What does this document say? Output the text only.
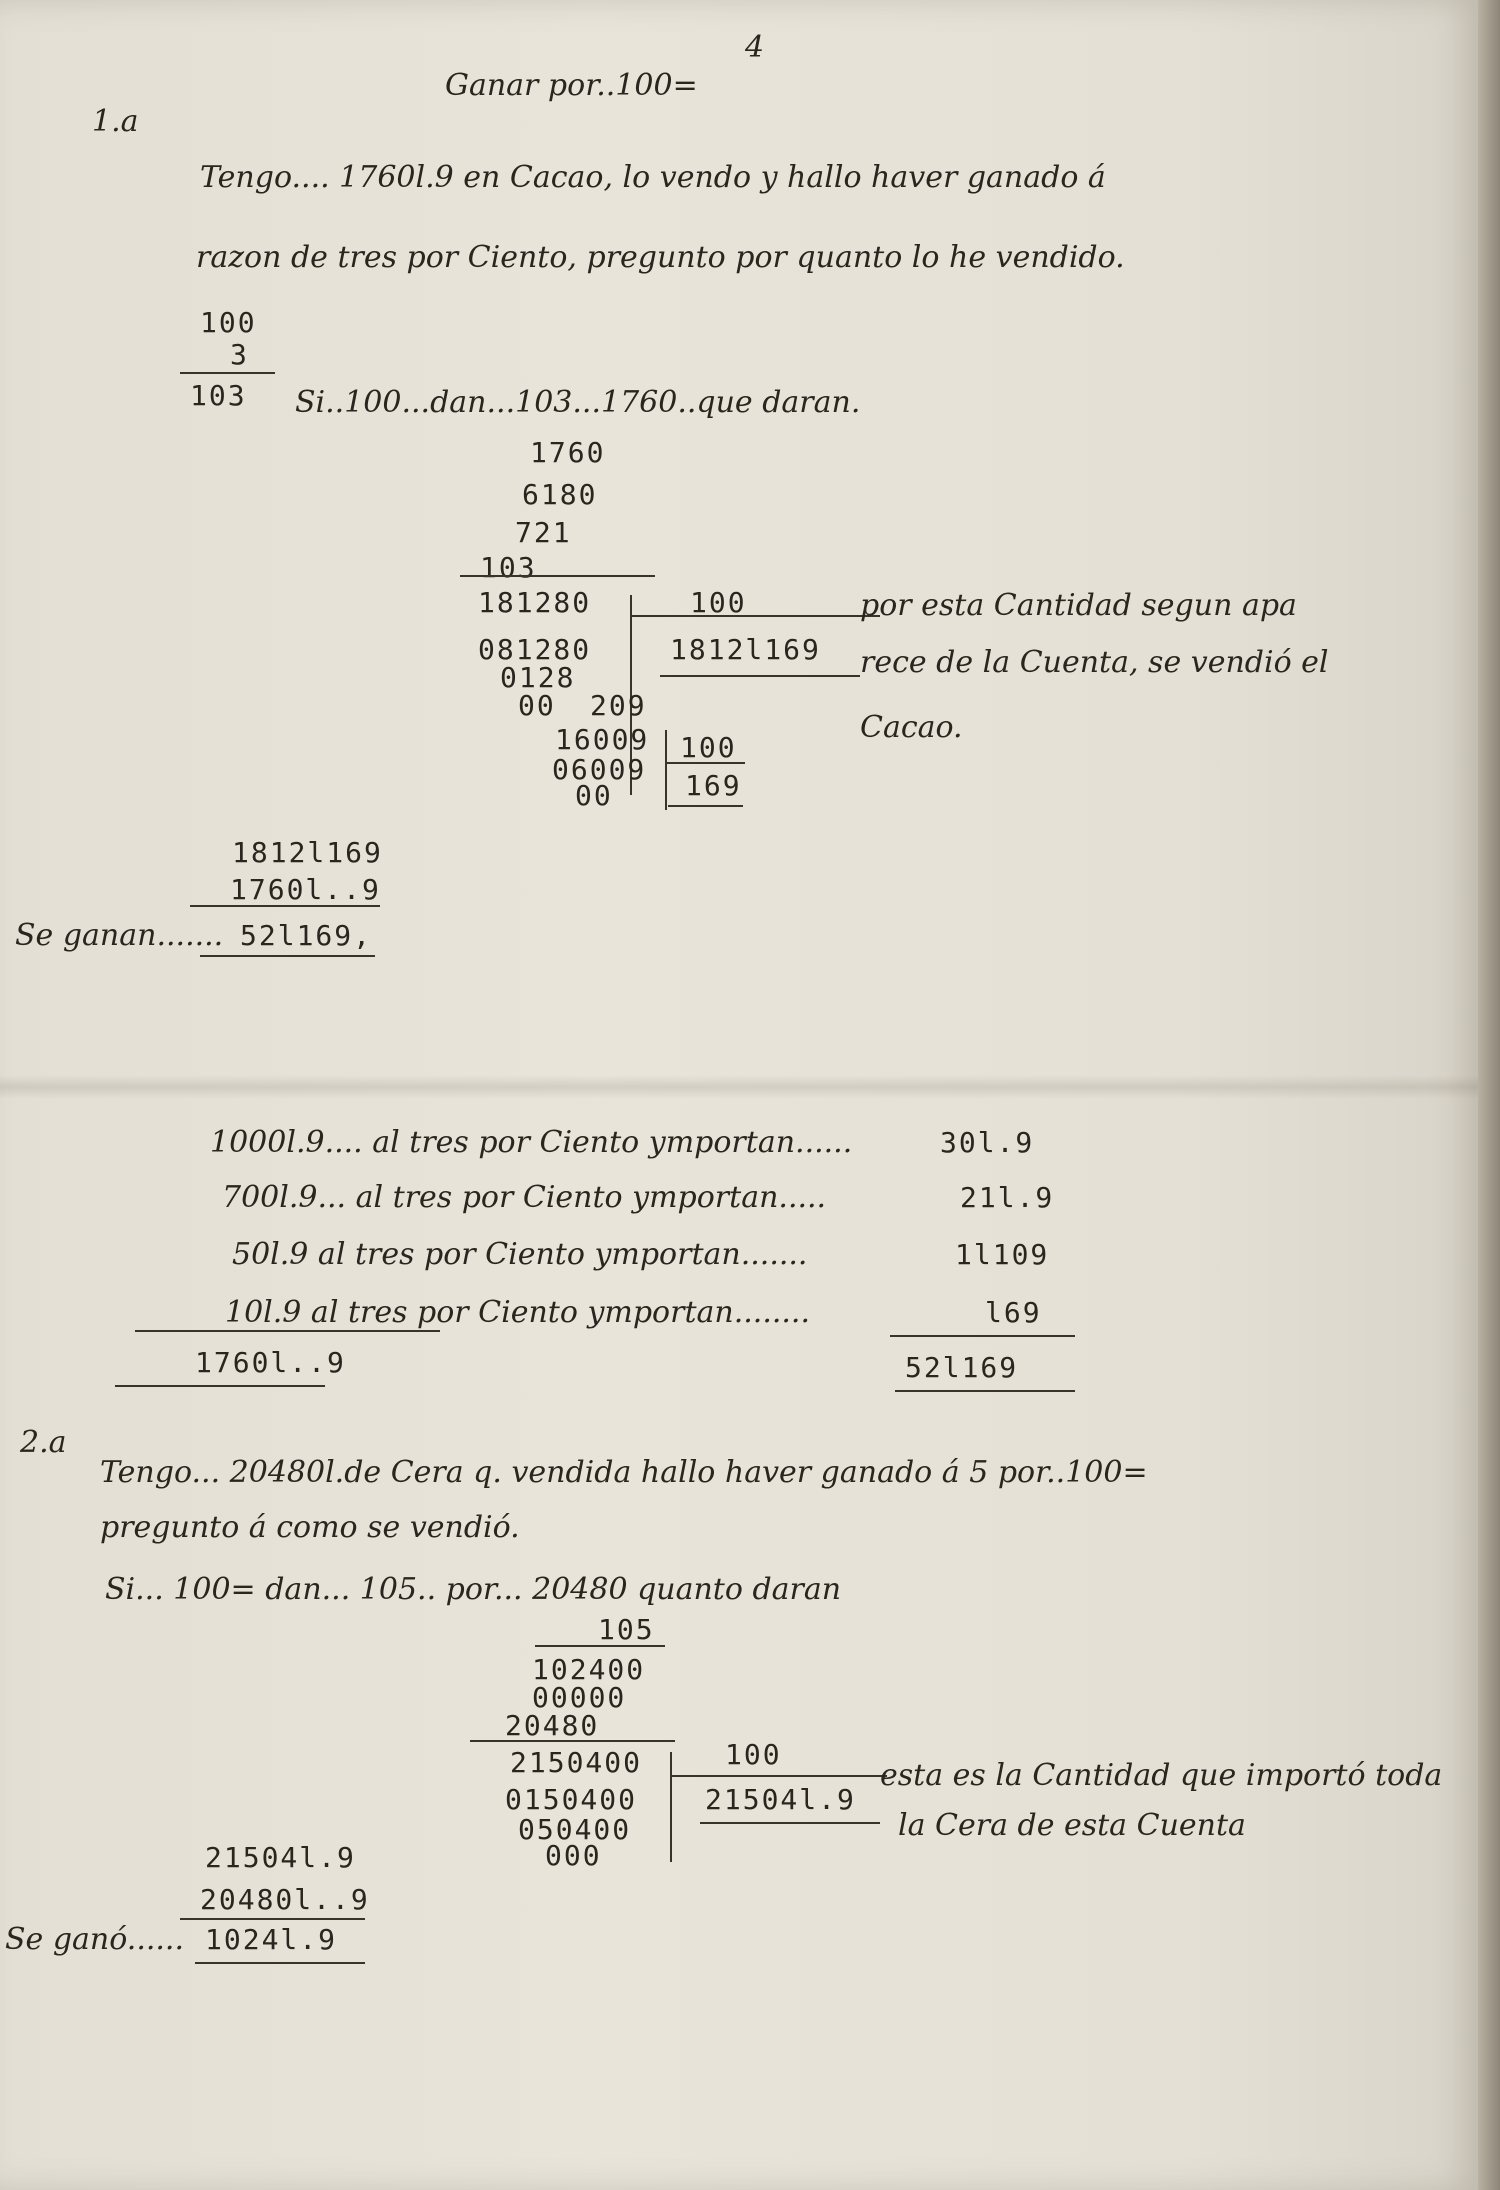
4
Ganar por..100=
1.a
Tengo.... 1760l.9 en Cacao, lo vendo y hallo haver ganado á
razon de tres por Ciento, pregunto por quanto lo he vendido.
100
3
103 Si..100...dan...103...1760..que daran.
1760
6180
721
103
181280	100
1812l169
081280
0128
00 209
16009
06009
00
100
169
por esta Cantidad segun apa
rece de la Cuenta, se vendió el
Cacao.
1812l169
1760l..9
Se ganan....... 52l169,
1000l.9.... al tres por Ciento ymportan......	30l.9
700l.9... al tres por Ciento ymportan.....	21l.9
50l.9 al tres por Ciento ymportan.......	1l109
10l.9 al tres por Ciento ymportan........	l69
1760l..9	52l169
2.a
Tengo... 20480l.de Cera q. vendida hallo haver ganado á 5 por..100=
pregunto á como se vendió.
Si... 100= dan... 105.. por... 20480 quanto daran
105
102400
00000
20480
2150400	100
21504l.9
0150400
050400
000
esta es la Cantidad que importó toda
la Cera de esta Cuenta
21504l.9
20480l..9
Se ganó...... 1024l.9
